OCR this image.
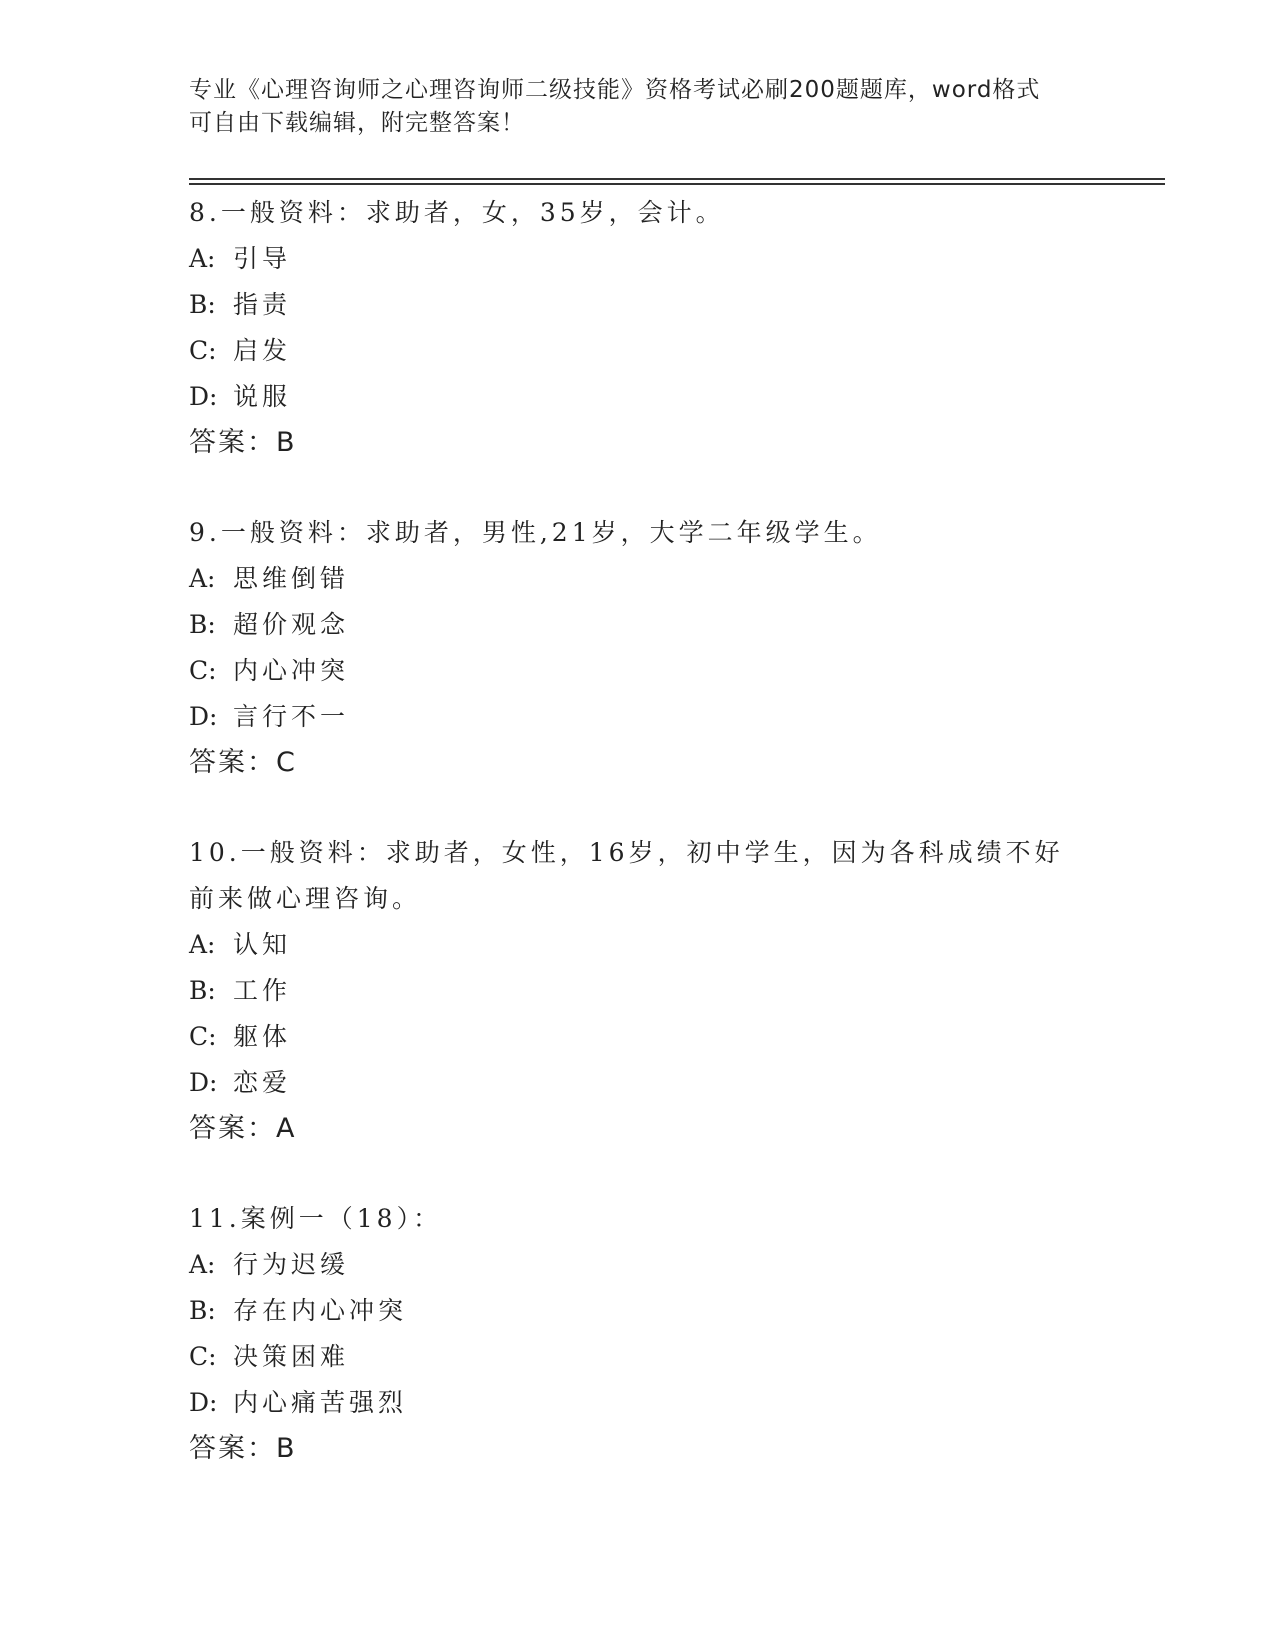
专业《心理咨询师之心理咨询师二级技能》资格考试必刷200题题库，word格式
可自由下载编辑，附完整答案！
8.一般资料：求助者，女，35岁，会计。
A: 引导
B: 指责
C: 启发
D: 说服
答案：B
9.一般资料：求助者，男性,21岁，大学二年级学生。
A: 思维倒错
B: 超价观念
C: 内心冲突
D: 言行不一
答案：C
10.一般资料：求助者，女性，16岁，初中学生，因为各科成绩不好前来做心理咨询。
A: 认知
B: 工作
C: 躯体
D: 恋爱
答案：A
11.案例一（18）：
A: 行为迟缓
B: 存在内心冲突
C: 决策困难
D: 内心痛苦强烈
答案：B
